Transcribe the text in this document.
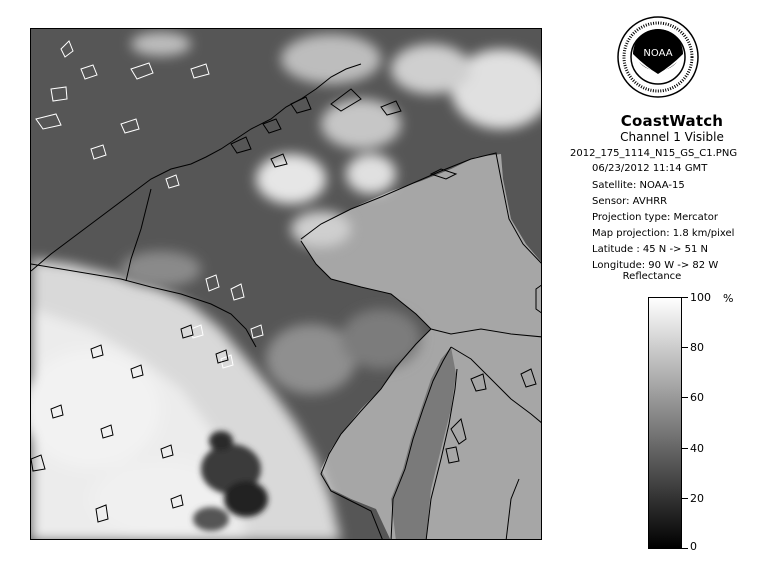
NOAA
CoastWatch
Channel 1 Visible
2012_175_1114_N15_GS_C1.PNG
06/23/2012 11:14 GMT
Satellite: NOAA-15
Sensor: AVHRR
Projection type: Mercator
Map projection: 1.8 km/pixel
Latitude : 45 N -> 51 N
Longitude: 90 W -> 82 W
Reflectance
%
100
80
60
40
20
0
